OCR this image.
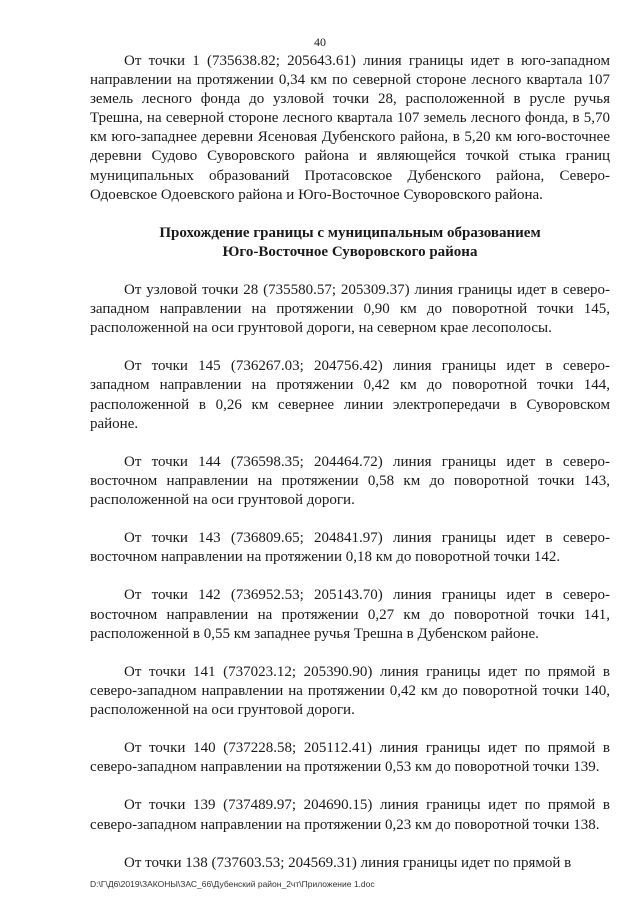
40

От точки 1 (735638.82; 205643.61) линия границы идет в юго-западном направлении на протяжении 0,34 км по северной стороне лесного квартала 107 земель лесного фонда до узловой точки 28, расположенной в русле ручья Трешна, на северной стороне лесного квартала 107 земель лесного фонда, в 5,70 км юго-западнее деревни Ясеновая Дубенского района, в 5,20 км юго-восточнее деревни Судово Суворовского района и являющейся точкой стыка границ муниципальных образований Протасовское Дубенского района, Северо-Одоевское Одоевского района и Юго-Восточное Суворовского района.

Прохождение границы с муниципальным образованием
Юго-Восточное Суворовского района

От узловой точки 28 (735580.57; 205309.37) линия границы идет в северо-западном направлении на протяжении 0,90 км до поворотной точки 145, расположенной на оси грунтовой дороги, на северном крае лесополосы.

От точки 145 (736267.03; 204756.42) линия границы идет в северо-западном направлении на протяжении 0,42 км до поворотной точки 144, расположенной в 0,26 км севернее линии электропередачи в Суворовском районе.

От точки 144 (736598.35; 204464.72) линия границы идет в северо-восточном направлении на протяжении 0,58 км до поворотной точки 143, расположенной на оси грунтовой дороги.

От точки 143 (736809.65; 204841.97) линия границы идет в северо-восточном направлении на протяжении 0,18 км до поворотной точки 142.

От точки 142 (736952.53; 205143.70) линия границы идет в северо-восточном направлении на протяжении 0,27 км до поворотной точки 141, расположенной в 0,55 км западнее ручья Трешна в Дубенском районе.

От точки 141 (737023.12; 205390.90) линия границы идет по прямой в северо-западном направлении на протяжении 0,42 км до поворотной точки 140, расположенной на оси грунтовой дороги.

От точки 140 (737228.58; 205112.41) линия границы идет по прямой в северо-западном направлении на протяжении 0,53 км до поворотной точки 139.

От точки 139 (737489.97; 204690.15) линия границы идет по прямой в северо-западном направлении на протяжении 0,23 км до поворотной точки 138.

От точки 138 (737603.53; 204569.31) линия границы идет по прямой в

D:\Г\Д6\2019\ЗАКОНЫ\ЗАС_66\Дубенский район_2чт\Приложение 1.doc
